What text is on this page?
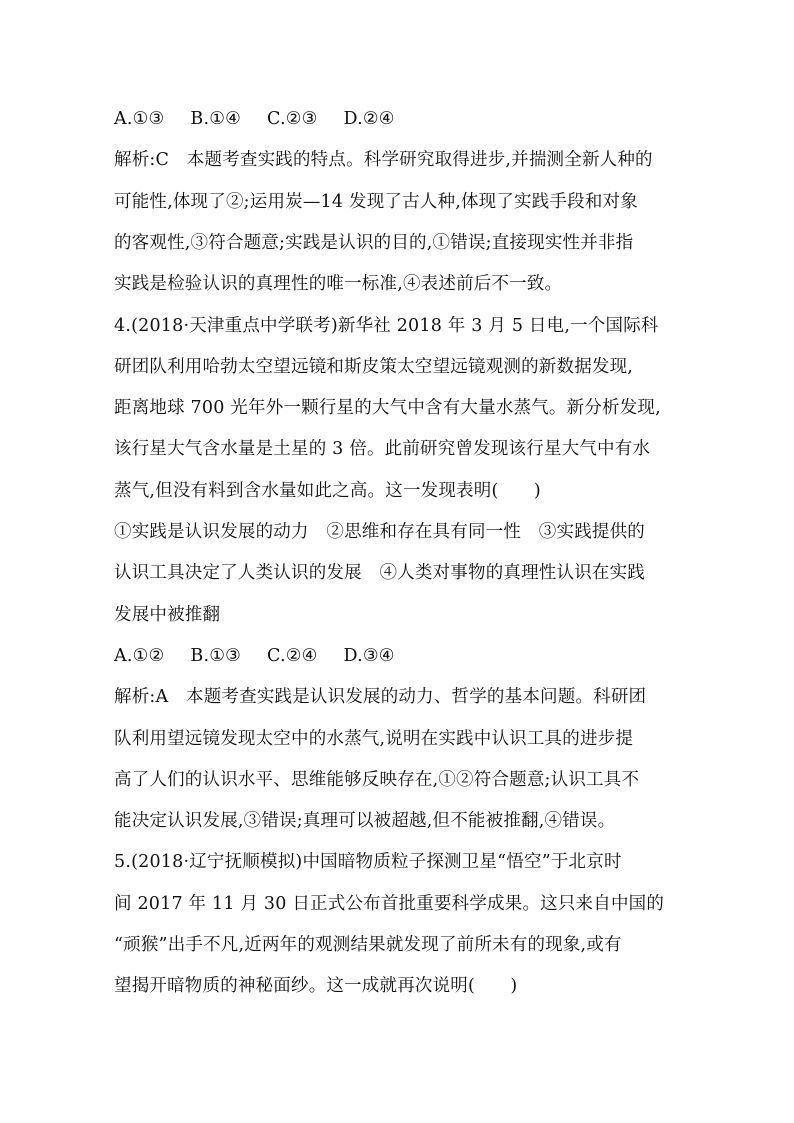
A.①③ B.①④ C.②③ D.②④
解析:C　本题考查实践的特点。科学研究取得进步,并揣测全新人种的
可能性,体现了②;运用炭—14 发现了古人种,体现了实践手段和对象
的客观性,③符合题意;实践是认识的目的,①错误;直接现实性并非指
实践是检验认识的真理性的唯一标准,④表述前后不一致。
4.(2018·天津重点中学联考)新华社 2018 年 3 月 5 日电,一个国际科
研团队利用哈勃太空望远镜和斯皮策太空望远镜观测的新数据发现,
距离地球 700 光年外一颗行星的大气中含有大量水蒸气。新分析发现,
该行星大气含水量是土星的 3 倍。此前研究曾发现该行星大气中有水
蒸气,但没有料到含水量如此之高。这一发现表明(　　)
①实践是认识发展的动力　②思维和存在具有同一性　③实践提供的
认识工具决定了人类认识的发展　④人类对事物的真理性认识在实践
发展中被推翻
A.①② B.①③ C.②④ D.③④
解析:A　本题考查实践是认识发展的动力、哲学的基本问题。科研团
队利用望远镜发现太空中的水蒸气,说明在实践中认识工具的进步提
高了人们的认识水平、思维能够反映存在,①②符合题意;认识工具不
能决定认识发展,③错误;真理可以被超越,但不能被推翻,④错误。
5.(2018·辽宁抚顺模拟)中国暗物质粒子探测卫星“悟空”于北京时
间 2017 年 11 月 30 日正式公布首批重要科学成果。这只来自中国的
“顽猴”出手不凡,近两年的观测结果就发现了前所未有的现象,或有
望揭开暗物质的神秘面纱。这一成就再次说明(　　)
